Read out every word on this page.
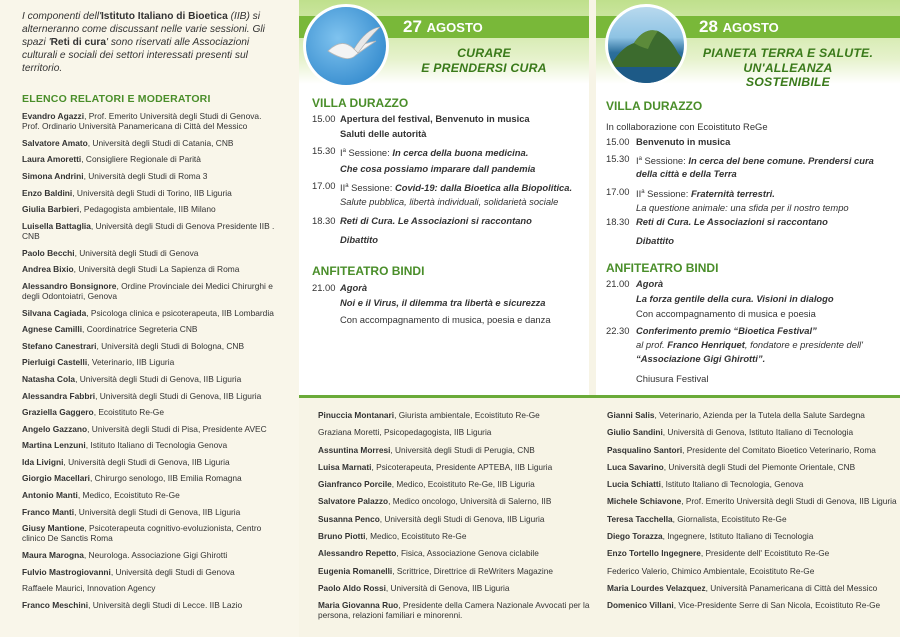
I componenti dell'Istituto Italiano di Bioetica (IIB) si alterneranno come discussant nelle varie sessioni. Gli spazi 'Reti di cura' sono riservati alle Associazioni culturali e sociali dei settori interessati presenti sul territorio.

ELENCO RELATORI E MODERATORI
Evandro Agazzi, Prof. Emerito Università degli Studi di Genova. Prof. Ordinario Università Panamericana di Città del Messico
Salvatore Amato, Università degli Studi di Catania, CNB
Laura Amoretti, Consigliere Regionale di Parità
Simona Andrini, Università degli Studi di Roma 3
Enzo Baldini, Università degli Studi di Torino, IIB Liguria
Giulia Barbieri, Pedagogista ambientale, IIB Milano
Luisella Battaglia, Università degli Studi di Genova Presidente IIB . CNB
Paolo Becchi, Università degli Studi di Genova
Andrea Bixio, Università degli Studi La Sapienza di Roma
Alessandro Bonsignore, Ordine Provinciale dei Medici Chirurghi e degli Odontoiatri, Genova
Silvana Cagiada, Psicologa clinica e psicoterapeuta, IIB Lombardia
Agnese Camilli, Coordinatrice Segreteria CNB
Stefano Canestrari, Università degli Studi di Bologna, CNB
Pierluigi Castelli, Veterinario, IIB Liguria
Natasha Cola, Università degli Studi di Genova, IIB Liguria
Alessandra Fabbri, Università degli Studi di Genova, IIB Liguria
Graziella Gaggero, Ecoistituto Re-Ge
Angelo Gazzano, Università degli Studi di Pisa, Presidente AVEC
Martina Lenzuni, Istituto Italiano di Tecnologia Genova
Ida Livigni, Università degli Studi di Genova, IIB Liguria
Giorgio Macellari, Chirurgo senologo, IIB Emilia Romagna
Antonio Manti, Medico, Ecoistituto Re-Ge
Franco Manti, Università degli Studi di Genova, IIB Liguria
Giusy Mantione, Psicoterapeuta cognitivo-evoluzionista, Centro clinico De Sanctis Roma
Maura Marogna, Neurologa. Associazione Gigi Ghirotti
Fulvio Mastrogiovanni, Università degli Studi di Genova
Raffaele Maurici, Innovation Agency
Franco Meschini, Università degli Studi di Lecce. IIB Lazio
27 AGOSTO
CURARE
E PRENDERSI CURA
VILLA DURAZZO
15.00 Apertura del festival, Benvenuto in musica
Saluti delle autorità
15.30 $I^a$ Sessione: In cerca della buona medicina.
Che cosa possiamo imparare dall pandemia
17.00 $II^a$ Sessione: Covid-19: dalla Bioetica alla Biopolitica.
Salute pubblica, libertà individuali, solidarietà sociale
18.30 Reti di Cura. Le Associazioni si raccontano
Dibattito
ANFITEATRO BINDI
21.00 Agorà
Noi e il Virus, il dilemma tra libertà e sicurezza
Con accompagnamento di musica, poesia e danza
28 AGOSTO
PIANETA TERRA E SALUTE.
UN'ALLEANZA SOSTENIBILE
VILLA DURAZZO
In collaborazione con Ecoistituto ReGe
15.00 Benvenuto in musica
15.30 $I^a$ Sessione: In cerca del bene comune. Prendersi cura
della città e della Terra
17.00 $II^a$ Sessione: Fraternità terrestri.
La questione animale: una sfida per il nostro tempo
18.30 Reti di Cura. Le Associazioni si raccontano
Dibattito
ANFITEATRO BINDI
21.00 Agorà
La forza gentile della cura. Visioni in dialogo
Con accompagnamento di musica e poesia
22.30 Conferimento premio “Bioetica Festival”
al prof. Franco Henriquet, fondatore e presidente dell'
“Associazione Gigi Ghirotti”.
Chiusura Festival
Pinuccia Montanari, Giurista ambientale, Ecoistituto Re-Ge
Graziana Moretti, Psicopedagogista, IIB Liguria
Assuntina Morresi, Università degli Studi di Perugia, CNB
Luisa Marnati, Psicoterapeuta, Presidente APTEBA, IIB Liguria
Gianfranco Porcile, Medico, Ecoistituto Re-Ge, IIB Liguria
Salvatore Palazzo, Medico oncologo, Università di Salerno, IIB
Susanna Penco, Università degli Studi di Genova, IIB Liguria
Bruno Piotti, Medico, Ecoistituto Re-Ge
Alessandro Repetto, Fisica, Associazione Genova ciclabile
Eugenia Romanelli, Scrittrice, Direttrice di ReWriters Magazine
Paolo Aldo Rossi, Università di Genova, IIB Liguria
Maria Giovanna Ruo, Presidente della Camera Nazionale Avvocati per la persona, relazioni familiari e minorenni.
Gianni Salis, Veterinario, Azienda per la Tutela della Salute Sardegna
Giulio Sandini, Università di Genova, Istituto Italiano di Tecnologia
Pasqualino Santori, Presidente del Comitato Bioetico Veterinario, Roma
Luca Savarino, Università degli Studi del Piemonte Orientale, CNB
Lucia Schiatti, Istituto Italiano di Tecnologia, Genova
Michele Schiavone, Prof. Emerito Università degli Studi di Genova, IIB Liguria
Teresa Tacchella, Giornalista, Ecoistituto Re-Ge
Diego Torazza, Ingegnere, Istituto Italiano di Tecnologia
Enzo Tortello Ingegnere, Presidente dell' Ecoistituto Re-Ge
Federico Valerio, Chimico Ambientale, Ecoistituto Re-Ge
Maria Lourdes Velazquez, Università Panamericana di Città del Messico
Domenico Villani, Vice-Presidente Serre di San Nicola, Ecoistituto Re-Ge
